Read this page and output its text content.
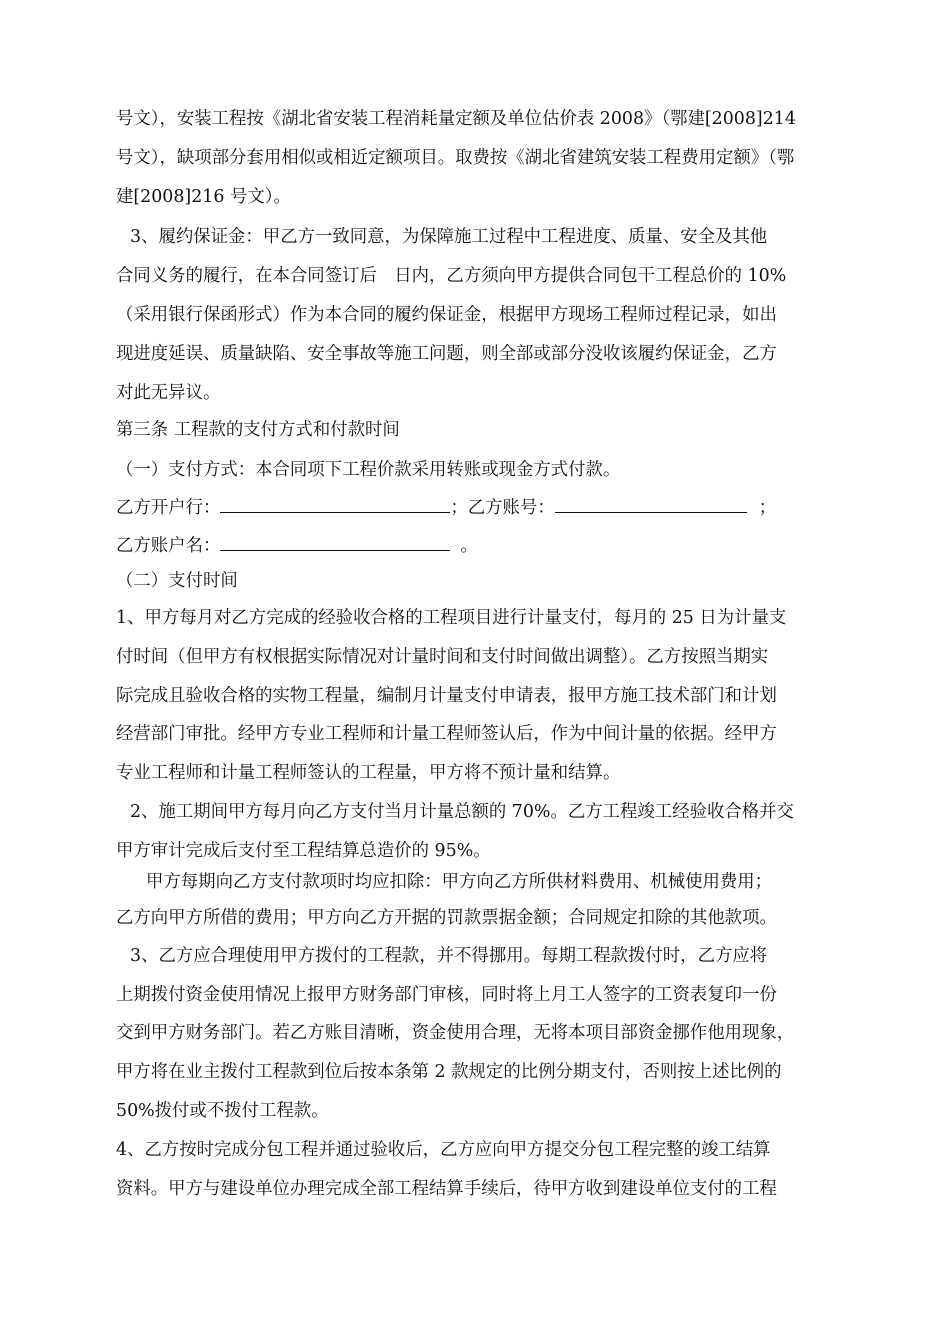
号文），安装工程按《湖北省安装工程消耗量定额及单位估价表 2008》（鄂建[2008]214
号文），缺项部分套用相似或相近定额项目。取费按《湖北省建筑安装工程费用定额》（鄂
建[2008]216 号文）。
3、履约保证金：甲乙方一致同意，为保障施工过程中工程进度、质量、安全及其他
合同义务的履行，在本合同签订后　日内，乙方须向甲方提供合同包干工程总价的 10%
（采用银行保函形式）作为本合同的履约保证金，根据甲方现场工程师过程记录，如出
现进度延误、质量缺陷、安全事故等施工问题，则全部或部分没收该履约保证金，乙方
对此无异议。
第三条 工程款的支付方式和付款时间
（一）支付方式：本合同项下工程价款采用转账或现金方式付款。
乙方开户行：	；乙方账号：	；
乙方账户名：	。
（二）支付时间
1、甲方每月对乙方完成的经验收合格的工程项目进行计量支付，每月的 25 日为计量支
付时间（但甲方有权根据实际情况对计量时间和支付时间做出调整）。乙方按照当期实
际完成且验收合格的实物工程量，编制月计量支付申请表，报甲方施工技术部门和计划
经营部门审批。经甲方专业工程师和计量工程师签认后，作为中间计量的依据。经甲方
专业工程师和计量工程师签认的工程量，甲方将不预计量和结算。
2、施工期间甲方每月向乙方支付当月计量总额的 70%。乙方工程竣工经验收合格并交
甲方审计完成后支付至工程结算总造价的 95%。
甲方每期向乙方支付款项时均应扣除：甲方向乙方所供材料费用、机械使用费用；
乙方向甲方所借的费用；甲方向乙方开据的罚款票据金额；合同规定扣除的其他款项。
3、乙方应合理使用甲方拨付的工程款，并不得挪用。每期工程款拨付时，乙方应将
上期拨付资金使用情况上报甲方财务部门审核，同时将上月工人签字的工资表复印一份
交到甲方财务部门。若乙方账目清晰，资金使用合理，无将本项目部资金挪作他用现象，
甲方将在业主拨付工程款到位后按本条第 2 款规定的比例分期支付，否则按上述比例的
50%拨付或不拨付工程款。
4、乙方按时完成分包工程并通过验收后，乙方应向甲方提交分包工程完整的竣工结算
资料。甲方与建设单位办理完成全部工程结算手续后，待甲方收到建设单位支付的工程
